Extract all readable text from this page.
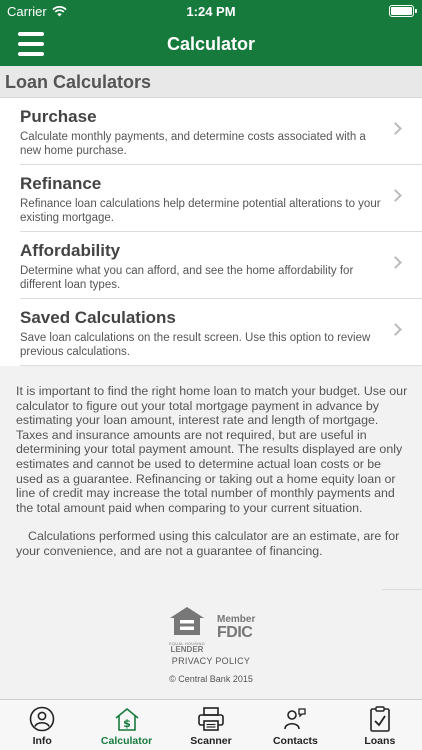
Carrier	1:24 PM
Calculator
Loan Calculators
Purchase
Calculate monthly payments, and determine costs associated with a new home purchase.
Refinance
Refinance loan calculations help determine potential alterations to your existing mortgage.
Affordability
Determine what you can afford, and see the home affordability for different loan types.
Saved Calculations
Save loan calculations on the result screen. Use this option to review previous calculations.

It is important to find the right home loan to match your budget. Use our calculator to figure out your total mortgage payment in advance by estimating your loan amount, interest rate and length of mortgage. Taxes and insurance amounts are not required, but are useful in determining your total payment amount. The results displayed are only estimates and cannot be used to determine actual loan costs or be used as a guarantee. Refinancing or taking out a home equity loan or line of credit may increase the total number of monthly payments and the total amount paid when comparing to your current situation.

Calculations performed using this calculator are an estimate, are for your convenience, and are not a guarantee of financing.

EQUAL HOUSING
LENDER
Member
FDIC
PRIVACY POLICY
© Central Bank 2015
Info
$
Calculator	Scanner	Contacts	Loans
